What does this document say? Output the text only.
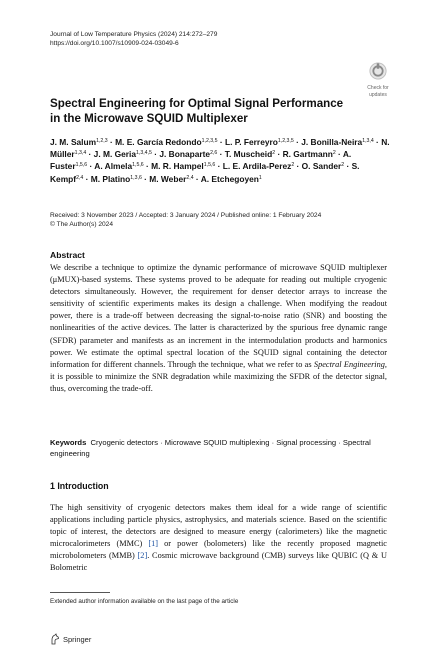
Journal of Low Temperature Physics (2024) 214:272–279
https://doi.org/10.1007/s10909-024-03049-6
Check for
updates
Spectral Engineering for Optimal Signal Performance
in the Microwave SQUID Multiplexer
J. M. Salum$^{1,2,3}$ · M. E. García Redondo$^{1,2,3,5}$ · L. P. Ferreyro$^{1,2,3,5}$ · J. Bonilla-Neira$^{1,3,4}$ · N. Müller$^{1,3,4}$ · J. M. Geria$^{1,3,4,5}$ · J. Bonaparte$^{2,6}$ · T. Muscheid$^2$ · R. Gartmann$^2$ · A. Fuster$^{1,5,6}$ · A. Almela$^{1,5,6}$ · M. R. Hampel$^{1,5,6}$ · L. E. Ardila-Perez$^2$ · O. Sander$^2$ · S. Kempf$^{2,4}$ · M. Platino$^{1,3,6}$ · M. Weber$^{2,4}$ · A. Etchegoyen$^1$
Received: 3 November 2023 / Accepted: 3 January 2024 / Published online: 1 February 2024
© The Author(s) 2024
Abstract
We describe a technique to optimize the dynamic performance of microwave SQUID multiplexer (μMUX)-based systems. These systems proved to be adequate for reading out multiple cryogenic detectors simultaneously. However, the requirement for denser detector arrays to increase the sensitivity of scientific experiments makes its design a challenge. When modifying the readout power, there is a trade-off between decreasing the signal-to-noise ratio (SNR) and boosting the nonlinearities of the active devices. The latter is characterized by the spurious free dynamic range (SFDR) parameter and manifests as an increment in the intermodulation products and harmonics power. We estimate the optimal spectral location of the SQUID signal containing the detector information for different channels. Through the technique, what we refer to as Spectral Engineering, it is possible to minimize the SNR degradation while maximizing the SFDR of the detector signal, thus, overcoming the trade-off.
Keywords Cryogenic detectors · Microwave SQUID multiplexing · Signal processing · Spectral engineering
1 Introduction
The high sensitivity of cryogenic detectors makes them ideal for a wide range of scientific applications including particle physics, astrophysics, and materials science. Based on the scientific topic of interest, the detectors are designed to measure energy (calorimeters) like the magnetic microcalorimeters (MMC) [1] or power (bolometers) like the recently proposed magnetic microbolometers (MMB) [2]. Cosmic microwave background (CMB) surveys like QUBIC (Q & U Bolometric
Extended author information available on the last page of the article
Springer
